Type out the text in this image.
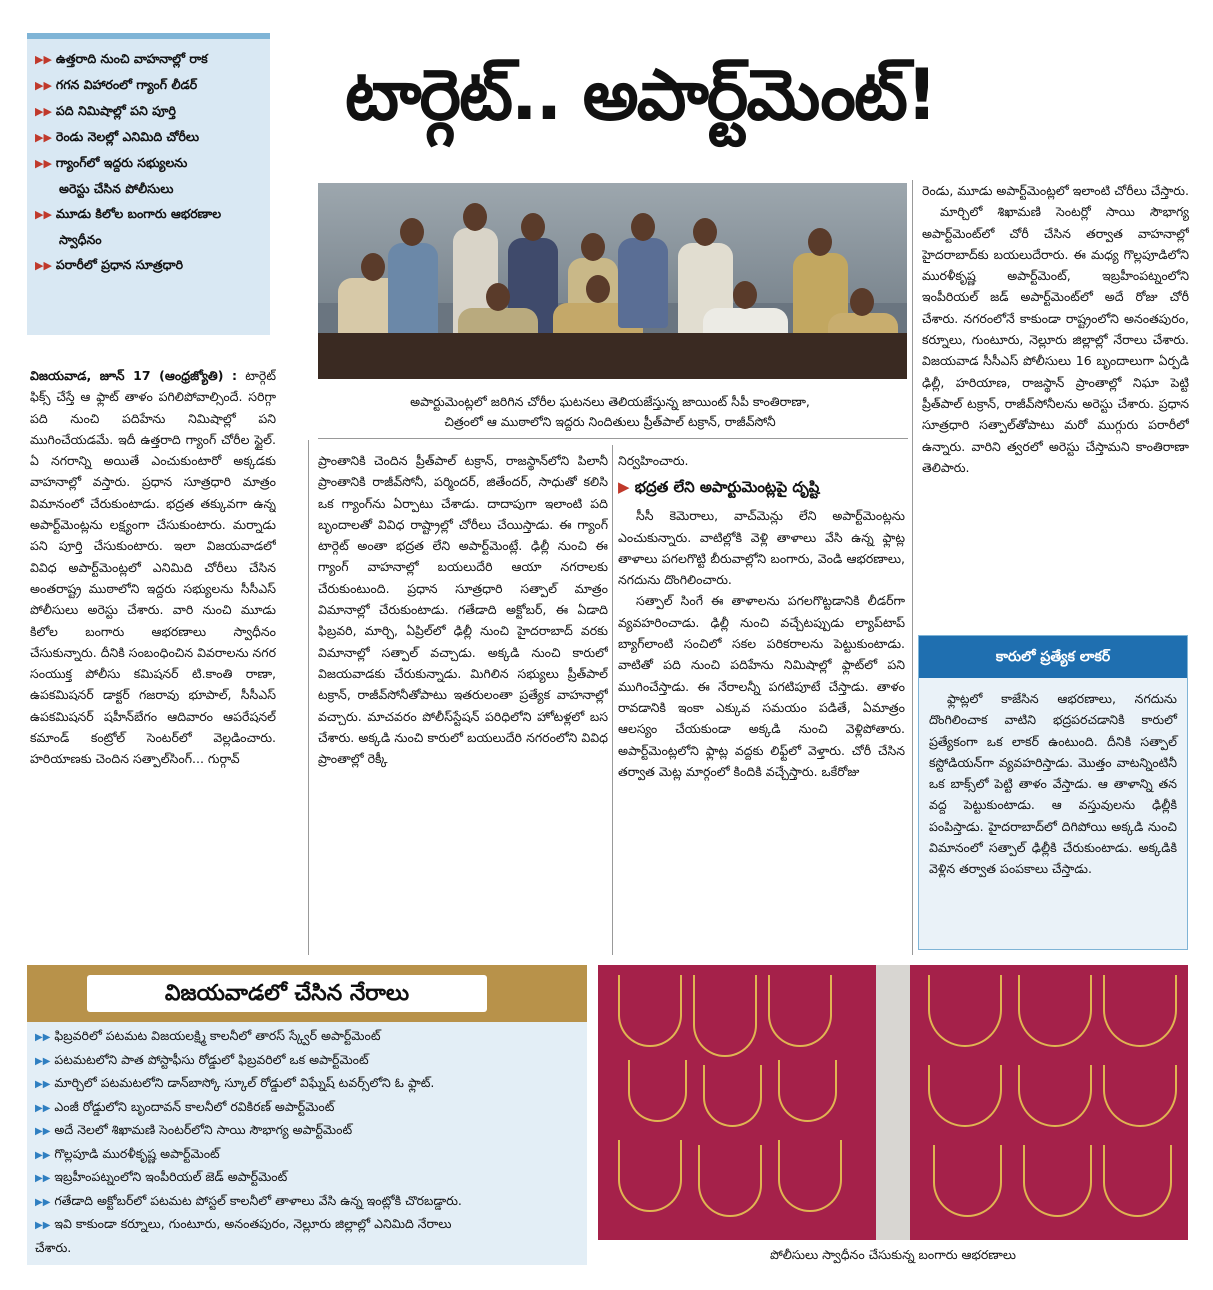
▶▶ ఉత్తరాది నుంచి వాహనాల్లో రాక
▶▶ గగన విహారంలో గ్యాంగ్ లీడర్
▶▶ పది నిమిషాల్లో పని పూర్తి
▶▶ రెండు నెలల్లో ఎనిమిది చోరీలు
▶▶ గ్యాంగ్‌లో ఇద్దరు సభ్యులను
అరెస్టు చేసిన పోలీసులు
▶▶ మూడు కిలోల బంగారు ఆభరణాల
స్వాధీనం
▶▶ పరారీలో ప్రధాన సూత్రధారి
టార్గెట్.. అపార్ట్‌మెంట్!
అపార్టుమెంట్లలో జరిగిన చోరీల ఘటనలు తెలియజేస్తున్న జాయింట్ సీపీ కాంతిరాణా,
చిత్రంలో ఆ ముఠాలోని ఇద్దరు నిందితులు ప్రీత్‌పాల్ టక్రాన్, రాజీవ్‌సోనీ

విజయవాడ, జూన్ 17 (ఆంధ్రజ్యోతి) : టార్గెట్ ఫిక్స్ చేస్తే ఆ ఫ్లాట్ తాళం పగిలిపోవాల్సిందే. సరిగ్గా పది నుంచి పదిహేను నిమిషాల్లో పని ముగించేయడమే. ఇదీ ఉత్తరాది గ్యాంగ్ చోరీల స్టైల్. ఏ నగరాన్ని అయితే ఎంచుకుంటారో అక్కడకు వాహనాల్లో వస్తారు. ప్రధాన సూత్రధారి మాత్రం విమానంలో చేరుకుంటాడు. భద్రత తక్కువగా ఉన్న అపార్ట్‌మెంట్లను లక్ష్యంగా చేసుకుంటారు. మర్నాడు పని పూర్తి చేసుకుంటారు. ఇలా విజయవాడలో వివిధ అపార్ట్‌మెంట్లలో ఎనిమిది చోరీలు చేసిన అంతరాష్ట్ర ముఠాలోని ఇద్దరు సభ్యులను సీసీఎస్ పోలీసులు అరెస్టు చేశారు. వారి నుంచి మూడు కిలోల బంగారు ఆభరణాలు స్వాధీనం చేసుకున్నారు. దీనికి సంబంధించిన వివరాలను నగర సంయుక్త పోలీసు కమిషనర్ టి.కాంతి రాణా, ఉపకమిషనర్ డాక్టర్ గజరావు భూపాల్, సీసీఎస్ ఉపకమిషనర్ షహీన్‌బేగం ఆదివారం ఆపరేషనల్ కమాండ్ కంట్రోల్ సెంటర్‌లో వెల్లడించారు. హరియాణకు చెందిన సత్పాల్‌సింగ్... గుర్గావ్

ప్రాంతానికి చెందిన ప్రీత్‌పాల్ టక్రాన్, రాజస్థాన్‌లోని పిలానీ ప్రాంతానికి రాజీవ్‌సోనీ, పర్మిందర్, జితేందర్, సాధుతో కలిసి ఒక గ్యాంగ్‌ను ఏర్పాటు చేశాడు. దాదాపుగా ఇలాంటి పది బృందాలతో వివిధ రాష్ట్రాల్లో చోరీలు చేయిస్తాడు. ఈ గ్యాంగ్ టార్గెట్ అంతా భద్రత లేని అపార్ట్‌మెంట్లే. ఢిల్లీ నుంచి ఈ గ్యాంగ్ వాహనాల్లో బయలుదేరి ఆయా నగరాలకు చేరుకుంటుంది. ప్రధాన సూత్రధారి సత్పాల్ మాత్రం విమానాల్లో చేరుకుంటాడు. గతేడాది అక్టోబర్, ఈ ఏడాది ఫిబ్రవరి, మార్చి, ఏప్రిల్‌లో ఢిల్లీ నుంచి హైదరాబాద్ వరకు విమానాల్లో సత్పాల్ వచ్చాడు. అక్కడి నుంచి కారులో విజయవాడకు చేరుకున్నాడు. మిగిలిన సభ్యులు ప్రీత్‌పాల్ టక్రాన్, రాజీవ్‌సోనీతోపాటు ఇతరులంతా ప్రత్యేక వాహనాల్లో వచ్చారు. మాచవరం పోలీస్‌స్టేషన్ పరిధిలోని హోటళ్లలో బస చేశారు. అక్కడి నుంచి కారులో బయలుదేరి నగరంలోని వివిధ ప్రాంతాల్లో రెక్కీ

నిర్వహించారు.

▶ భద్రత లేని అపార్టుమెంట్లపై దృష్టి

సీసీ కెమెరాలు, వాచ్‌మెన్లు లేని అపార్ట్‌మెంట్లను ఎంచుకున్నారు. వాటిల్లోకి వెళ్లి తాళాలు వేసి ఉన్న ఫ్లాట్ల తాళాలు పగలగొట్టి బీరువాల్లోని బంగారు, వెండి ఆభరణాలు, నగదును దొంగిలించారు.

సత్పాల్ సింగే ఈ తాళాలను పగలగొట్టడానికి లీడర్‌గా వ్యవహరించాడు. ఢిల్లీ నుంచి వచ్చేటప్పుడు ల్యాప్‌టాప్ బ్యాగ్‌లాంటి సంచిలో సకల పరికరాలను పెట్టుకుంటాడు. వాటితో పది నుంచి పదిహేను నిమిషాల్లో ఫ్లాట్‌లో పని ముగించేస్తాడు. ఈ నేరాలన్నీ పగటిపూటే చేస్తాడు. తాళం రావడానికి ఇంకా ఎక్కువ సమయం పడితే, ఏమాత్రం ఆలస్యం చేయకుండా అక్కడి నుంచి వెళ్లిపోతారు. అపార్ట్‌మెంట్లలోని ఫ్లాట్ల వద్దకు లిఫ్ట్‌లో వెళ్తారు. చోరీ చేసిన తర్వాత మెట్ల మార్గంలో కిందికి వచ్చేస్తారు. ఒకేరోజు

రెండు, మూడు అపార్ట్‌మెంట్లలో ఇలాంటి చోరీలు చేస్తారు.

మార్చిలో శిఖామణి సెంటర్లో సాయి సౌభాగ్య అపార్ట్‌మెంట్‌లో చోరీ చేసిన తర్వాత వాహనాల్లో హైదరాబాద్‌కు బయలుదేరారు. ఈ మధ్య గొల్లపూడిలోని మురళీకృష్ణ అపార్ట్‌మెంట్, ఇబ్రహీంపట్నంలోని ఇంపీరియల్ జడ్ అపార్ట్‌మెంట్‌లో అదే రోజు చోరీ చేశారు. నగరంలోనే కాకుండా రాష్ట్రంలోని అనంతపురం, కర్నూలు, గుంటూరు, నెల్లూరు జిల్లాల్లో నేరాలు చేశారు. విజయవాడ సీసీఎస్ పోలీసులు 16 బృందాలుగా ఏర్పడి ఢిల్లీ, హరియాణ, రాజస్థాన్ ప్రాంతాల్లో నిఘా పెట్టి ప్రీత్‌పాల్ టక్రాన్, రాజీవ్‌సోనీలను అరెస్టు చేశారు. ప్రధాన సూత్రధారి సత్పాల్‌తోపాటు మరో ముగ్గురు పరారీలో ఉన్నారు. వారిని త్వరలో అరెస్టు చేస్తామని కాంతిరాణా తెలిపారు.

కారులో ప్రత్యేక లాకర్

ఫ్లాట్లలో కాజేసిన ఆభరణాలు, నగదును దొంగిలించాక వాటిని భద్రపరచడానికి కారులో ప్రత్యేకంగా ఒక లాకర్ ఉంటుంది. దీనికి సత్పాల్ కస్టోడియన్‌గా వ్యవహరిస్తాడు. మొత్తం వాటన్నింటినీ ఒక బాక్స్‌లో పెట్టి తాళం వేస్తాడు. ఆ తాళాన్ని తన వద్ద పెట్టుకుంటాడు. ఆ వస్తువులను ఢిల్లీకి పంపిస్తాడు. హైదరాబాద్‌లో దిగిపోయి అక్కడి నుంచి విమానంలో సత్పాల్ ఢిల్లీకి చేరుకుంటాడు. అక్కడికి వెళ్లిన తర్వాత పంపకాలు చేస్తాడు.

విజయవాడలో చేసిన నేరాలు
▶▶ ఫిబ్రవరిలో పటమట విజయలక్ష్మి కాలనీలో తారస్ స్క్వేర్ అపార్ట్‌మెంట్
▶▶ పటమటలోని పాత పోస్టాఫీసు రోడ్డులో ఫిబ్రవరిలో ఒక అపార్ట్‌మెంట్
▶▶ మార్చిలో పటమటలోని డాన్‌బాస్కో స్కూల్ రోడ్డులో విఘ్నేష్ టవర్స్‌లోని ఓ ఫ్లాట్.
▶▶ ఎంజీ రోడ్డులోని బృందావన్ కాలనీలో రవికిరణ్ అపార్ట్‌మెంట్
▶▶ అదే నెలలో శిఖామణి సెంటర్‌లోని సాయి సౌభాగ్య అపార్ట్‌మెంట్
▶▶ గొల్లపూడి మురళీకృష్ణ అపార్ట్‌మెంట్
▶▶ ఇబ్రహీంపట్నంలోని ఇంపీరియల్ జెడ్ అపార్ట్‌మెంట్
▶▶ గతేడాది అక్టోబర్‌లో పటమట పోస్టల్ కాలనీలో తాళాలు వేసి ఉన్న ఇంట్లోకి చొరబడ్డారు.
▶▶ ఇవి కాకుండా కర్నూలు, గుంటూరు, అనంతపురం, నెల్లూరు జిల్లాల్లో ఎనిమిది నేరాలు
చేశారు.	పోలీసులు స్వాధీనం చేసుకున్న బంగారు ఆభరణాలు
